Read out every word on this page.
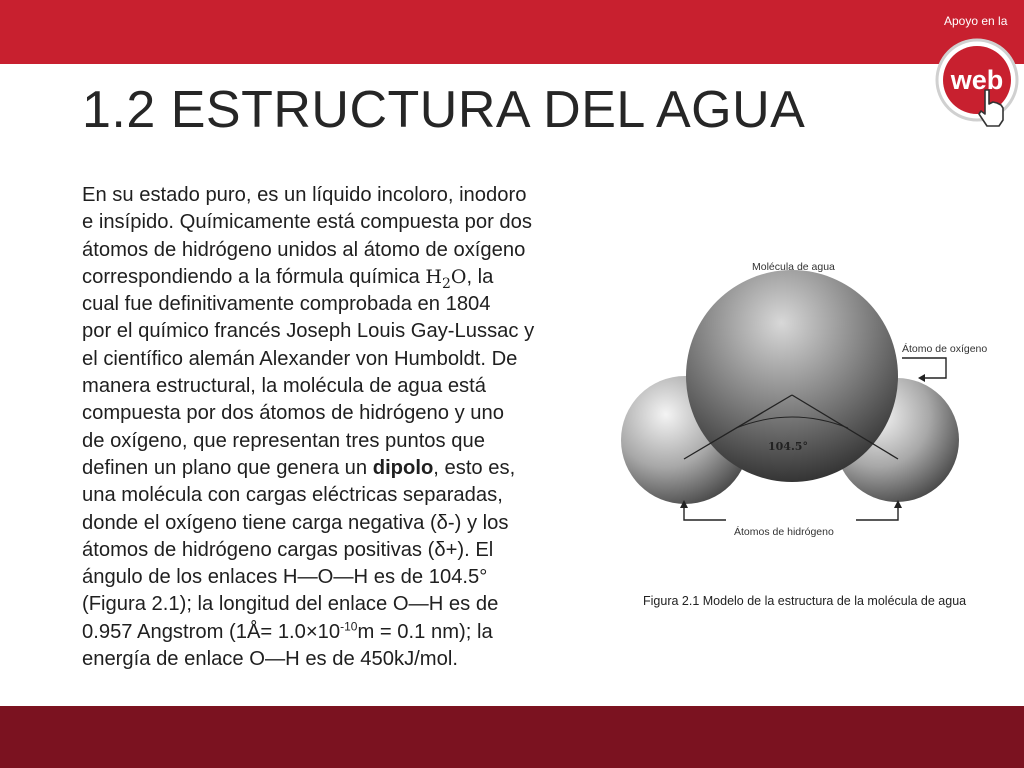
web
Apoyo en la
1.2 ESTRUCTURA DEL AGUA

En su estado puro, es un líquido incoloro, inodoro
e insípido. Químicamente está compuesta por dos
átomos de hidrógeno unidos al átomo de oxígeno
correspondiendo a la fórmula química $H_2O$, la
cual fue definitivamente comprobada en 1804
por el químico francés Joseph Louis Gay-Lussac y
el científico alemán Alexander von Humboldt. De
manera estructural, la molécula de agua está
compuesta por dos átomos de hidrógeno y uno
de oxígeno, que representan tres puntos que
definen un plano que genera un dipolo, esto es,
una molécula con cargas eléctricas separadas,
donde el oxígeno tiene carga negativa (δ-) y los
átomos de hidrógeno cargas positivas (δ+). El
ángulo de los enlaces H—O—H es de 104.5°
(Figura 2.1); la longitud del enlace O—H es de
0.957 Angstrom (1Å= $1.0\times 10^{-10}m = 0.1$ nm); la
energía de enlace O—H es de 450kJ/mol.

Molécula de agua
Átomo de oxígeno
104.5°
Átomos de hidrógeno

Figura 2.1 Modelo de la estructura de la molécula de agua
